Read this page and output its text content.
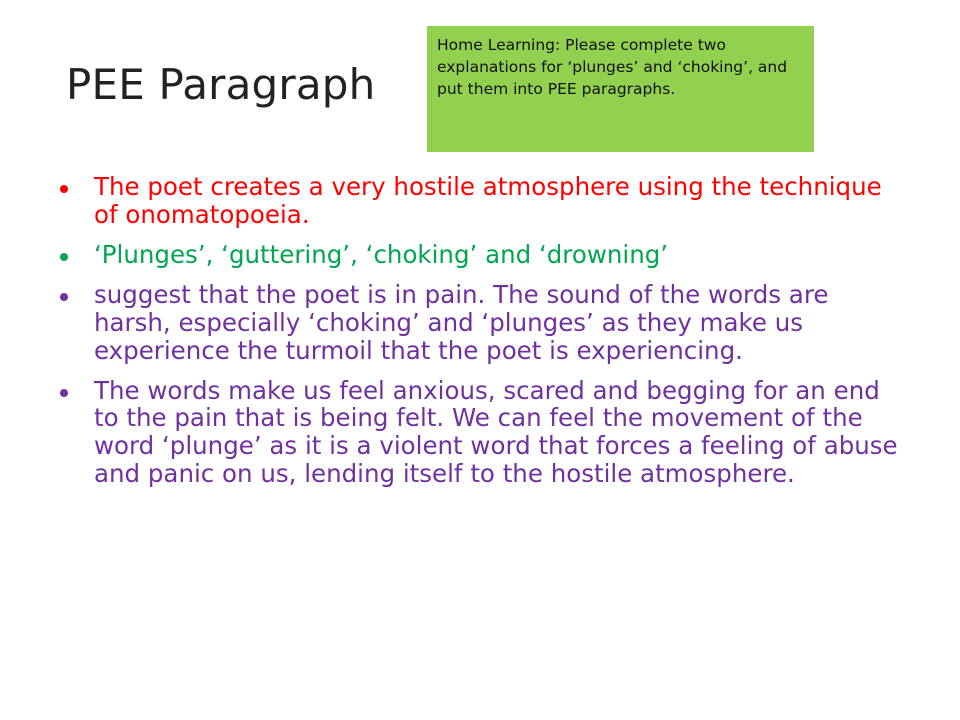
PEE Paragraph
Home Learning: Please complete two explanations for ‘plunges’ and ‘choking’, and put them into PEE paragraphs.
The poet creates a very hostile atmosphere using the technique of onomatopoeia.
‘Plunges’, ‘guttering’, ‘choking’ and ‘drowning’
suggest that the poet is in pain. The sound of the words are harsh, especially ‘choking’ and ‘plunges’ as they make us experience the turmoil that the poet is experiencing.
The words make us feel anxious, scared and begging for an end to the pain that is being felt. We can feel the movement of the word ‘plunge’ as it is a violent word that forces a feeling of abuse and panic on us, lending itself to the hostile atmosphere.
